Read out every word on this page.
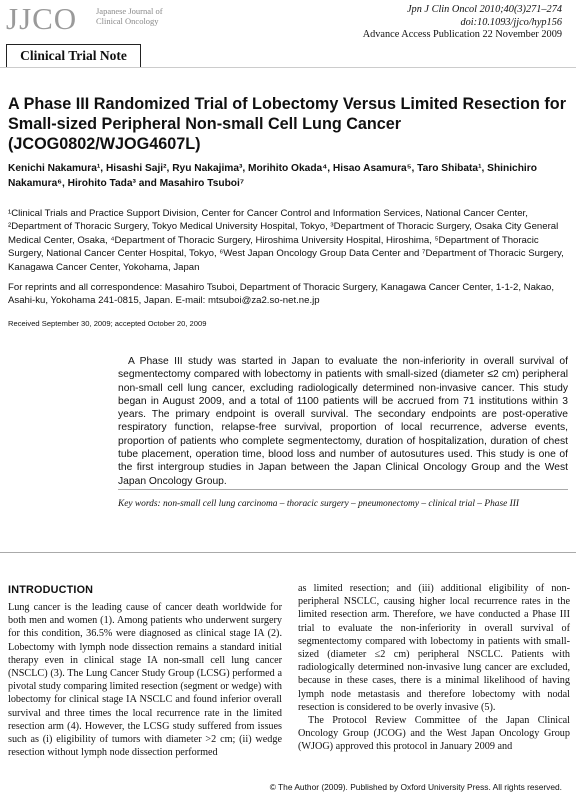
JJCO Japanese Journal of Clinical Oncology
Jpn J Clin Oncol 2010;40(3)271–274
doi:10.1093/jjco/hyp156
Advance Access Publication 22 November 2009
Clinical Trial Note
A Phase III Randomized Trial of Lobectomy Versus Limited Resection for Small-sized Peripheral Non-small Cell Lung Cancer (JCOG0802/WJOG4607L)
Kenichi Nakamura¹, Hisashi Saji², Ryu Nakajima³, Morihito Okada⁴, Hisao Asamura⁵, Taro Shibata¹, Shinichiro Nakamura⁶, Hirohito Tada³ and Masahiro Tsuboi⁷
¹Clinical Trials and Practice Support Division, Center for Cancer Control and Information Services, National Cancer Center, ²Department of Thoracic Surgery, Tokyo Medical University Hospital, Tokyo, ³Department of Thoracic Surgery, Osaka City General Medical Center, Osaka, ⁴Department of Thoracic Surgery, Hiroshima University Hospital, Hiroshima, ⁵Department of Thoracic Surgery, National Cancer Center Hospital, Tokyo, ⁶West Japan Oncology Group Data Center and ⁷Department of Thoracic Surgery, Kanagawa Cancer Center, Yokohama, Japan
For reprints and all correspondence: Masahiro Tsuboi, Department of Thoracic Surgery, Kanagawa Cancer Center, 1-1-2, Nakao, Asahi-ku, Yokohama 241-0815, Japan. E-mail: mtsuboi@za2.so-net.ne.jp
Received September 30, 2009; accepted October 20, 2009
A Phase III study was started in Japan to evaluate the non-inferiority in overall survival of segmentectomy compared with lobectomy in patients with small-sized (diameter ≤2 cm) peripheral non-small cell lung cancer, excluding radiologically determined non-invasive cancer. This study began in August 2009, and a total of 1100 patients will be accrued from 71 institutions within 3 years. The primary endpoint is overall survival. The secondary endpoints are post-operative respiratory function, relapse-free survival, proportion of local recurrence, adverse events, proportion of patients who complete segmentectomy, duration of hospitalization, duration of chest tube placement, operation time, blood loss and number of autosutures used. This study is one of the first intergroup studies in Japan between the Japan Clinical Oncology Group and the West Japan Oncology Group.
Key words: non-small cell lung carcinoma – thoracic surgery – pneumonectomy – clinical trial – Phase III
INTRODUCTION

Lung cancer is the leading cause of cancer death worldwide for both men and women (1). Among patients who underwent surgery for this condition, 36.5% were diagnosed as clinical stage IA (2). Lobectomy with lymph node dissection remains a standard initial therapy even in clinical stage IA non-small cell lung cancer (NSCLC) (3). The Lung Cancer Study Group (LCSG) performed a pivotal study comparing limited resection (segment or wedge) with lobectomy for clinical stage IA NSCLC and found inferior overall survival and three times the local recurrence rate in the limited resection arm (4). However, the LCSG study suffered from issues such as (i) eligibility of tumors with diameter >2 cm; (ii) wedge resection without lymph node dissection performed

as limited resection; and (iii) additional eligibility of non-peripheral NSCLC, causing higher local recurrence rates in the limited resection arm. Therefore, we have conducted a Phase III trial to evaluate the non-inferiority in overall survival of segmentectomy compared with lobectomy in patients with small-sized (diameter ≤2 cm) peripheral NSCLC. Patients with radiologically determined non-invasive lung cancer are excluded, because in these cases, there is a minimal likelihood of having lymph node metastasis and therefore lobectomy with nodal resection is considered to be overly invasive (5).

The Protocol Review Committee of the Japan Clinical Oncology Group (JCOG) and the West Japan Oncology Group (WJOG) approved this protocol in January 2009 and

© The Author (2009). Published by Oxford University Press. All rights reserved.
